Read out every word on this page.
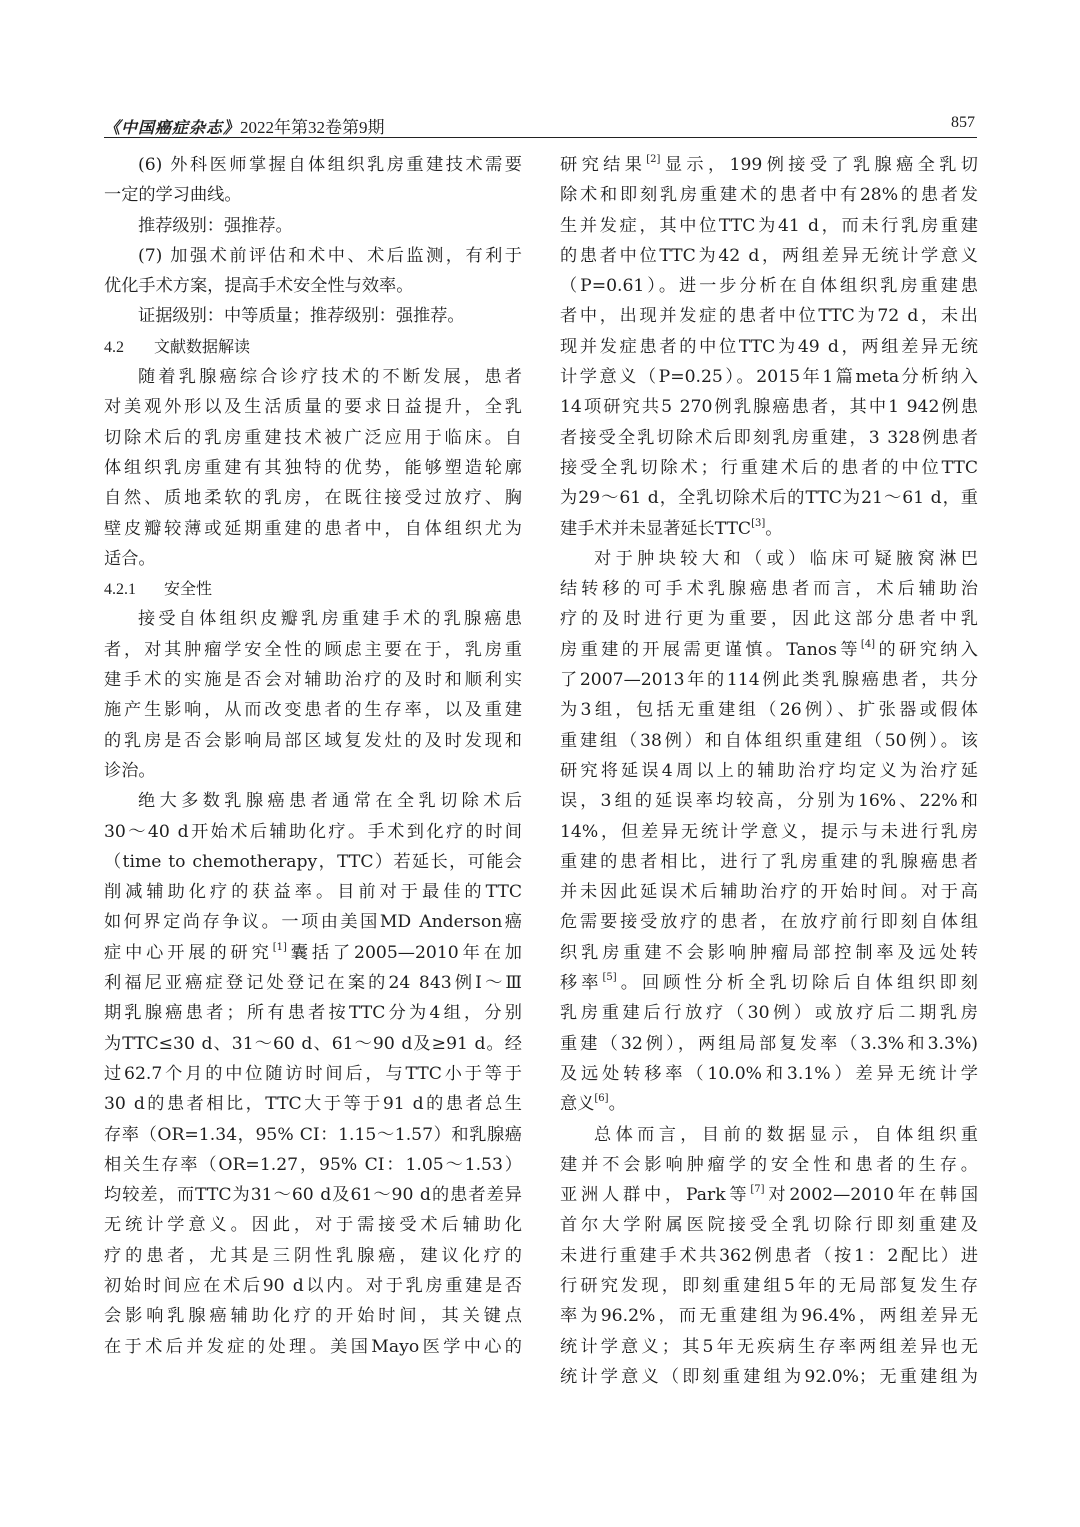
《中国癌症杂志》2022年第32卷第9期	857
(6) 外科医师掌握自体组织乳房重建技术需要
一定的学习曲线。
推荐级别：强推荐。
(7) 加强术前评估和术中、术后监测，有利于
优化手术方案，提高手术安全性与效率。
证据级别：中等质量；推荐级别：强推荐。
4.2 文献数据解读
随着乳腺癌综合诊疗技术的不断发展，患者
对美观外形以及生活质量的要求日益提升，全乳
切除术后的乳房重建技术被广泛应用于临床。自
体组织乳房重建有其独特的优势，能够塑造轮廓
自然、质地柔软的乳房，在既往接受过放疗、胸
壁皮瓣较薄或延期重建的患者中，自体组织尤为
适合。
4.2.1 安全性
接受自体组织皮瓣乳房重建手术的乳腺癌患
者，对其肿瘤学安全性的顾虑主要在于，乳房重
建手术的实施是否会对辅助治疗的及时和顺利实
施产生影响，从而改变患者的生存率，以及重建
的乳房是否会影响局部区域复发灶的及时发现和
诊治。
绝大多数乳腺癌患者通常在全乳切除术后
30～40 d开始术后辅助化疗。手术到化疗的时间
（time to chemotherapy，TTC）若延长，可能会
削减辅助化疗的获益率。目前对于最佳的TTC
如何界定尚存争议。一项由美国MD Anderson癌
症中心开展的研究[1]囊括了2005—2010年在加
利福尼亚癌症登记处登记在案的24 843例Ⅰ～Ⅲ
期乳腺癌患者；所有患者按TTC分为4组，分别
为TTC≤30 d、31～60 d、61～90 d及≥91 d。经
过62.7个月的中位随访时间后，与TTC小于等于
30 d的患者相比，TTC大于等于91 d的患者总生
存率（OR=1.34，95% CI：1.15～1.57）和乳腺癌
相关生存率（OR=1.27，95% CI：1.05～1.53）
均较差，而TTC为31～60 d及61～90 d的患者差异
无统计学意义。因此，对于需接受术后辅助化
疗的患者，尤其是三阴性乳腺癌，建议化疗的
初始时间应在术后90 d以内。对于乳房重建是否
会影响乳腺癌辅助化疗的开始时间，其关键点
在于术后并发症的处理。美国Mayo医学中心的
研究结果[2]显示，199例接受了乳腺癌全乳切
除术和即刻乳房重建术的患者中有28%的患者发
生并发症，其中位TTC为41 d，而未行乳房重建
的患者中位TTC为42 d，两组差异无统计学意义
（P=0.61）。进一步分析在自体组织乳房重建患
者中，出现并发症的患者中位TTC为72 d，未出
现并发症患者的中位TTC为49 d，两组差异无统
计学意义（P=0.25）。2015年1篇meta分析纳入
14项研究共5 270例乳腺癌患者，其中1 942例患
者接受全乳切除术后即刻乳房重建，3 328例患者
接受全乳切除术；行重建术后的患者的中位TTC
为29～61 d，全乳切除术后的TTC为21～61 d，重
建手术并未显著延长TTC[3]。
对于肿块较大和（或）临床可疑腋窝淋巴
结转移的可手术乳腺癌患者而言，术后辅助治
疗的及时进行更为重要，因此这部分患者中乳
房重建的开展需更谨慎。Tanos等[4]的研究纳入
了2007—2013年的114例此类乳腺癌患者，共分
为3组，包括无重建组（26例）、扩张器或假体
重建组（38例）和自体组织重建组（50例）。该
研究将延误4周以上的辅助治疗均定义为治疗延
误，3组的延误率均较高，分别为16%、22%和
14%，但差异无统计学意义，提示与未进行乳房
重建的患者相比，进行了乳房重建的乳腺癌患者
并未因此延误术后辅助治疗的开始时间。对于高
危需要接受放疗的患者，在放疗前行即刻自体组
织乳房重建不会影响肿瘤局部控制率及远处转
移率[5]。回顾性分析全乳切除后自体组织即刻
乳房重建后行放疗（30例）或放疗后二期乳房
重建（32例），两组局部复发率（3.3%和3.3%)
及远处转移率（10.0%和3.1%）差异无统计学
意义[6]。
总体而言，目前的数据显示，自体组织重
建并不会影响肿瘤学的安全性和患者的生存。
亚洲人群中，Park等[7]对2002—2010年在韩国
首尔大学附属医院接受全乳切除行即刻重建及
未进行重建手术共362例患者（按1：2配比）进
行研究发现，即刻重建组5年的无局部复发生存
率为96.2%，而无重建组为96.4%，两组差异无
统计学意义；其5年无疾病生存率两组差异也无
统计学意义（即刻重建组为92.0%；无重建组为
